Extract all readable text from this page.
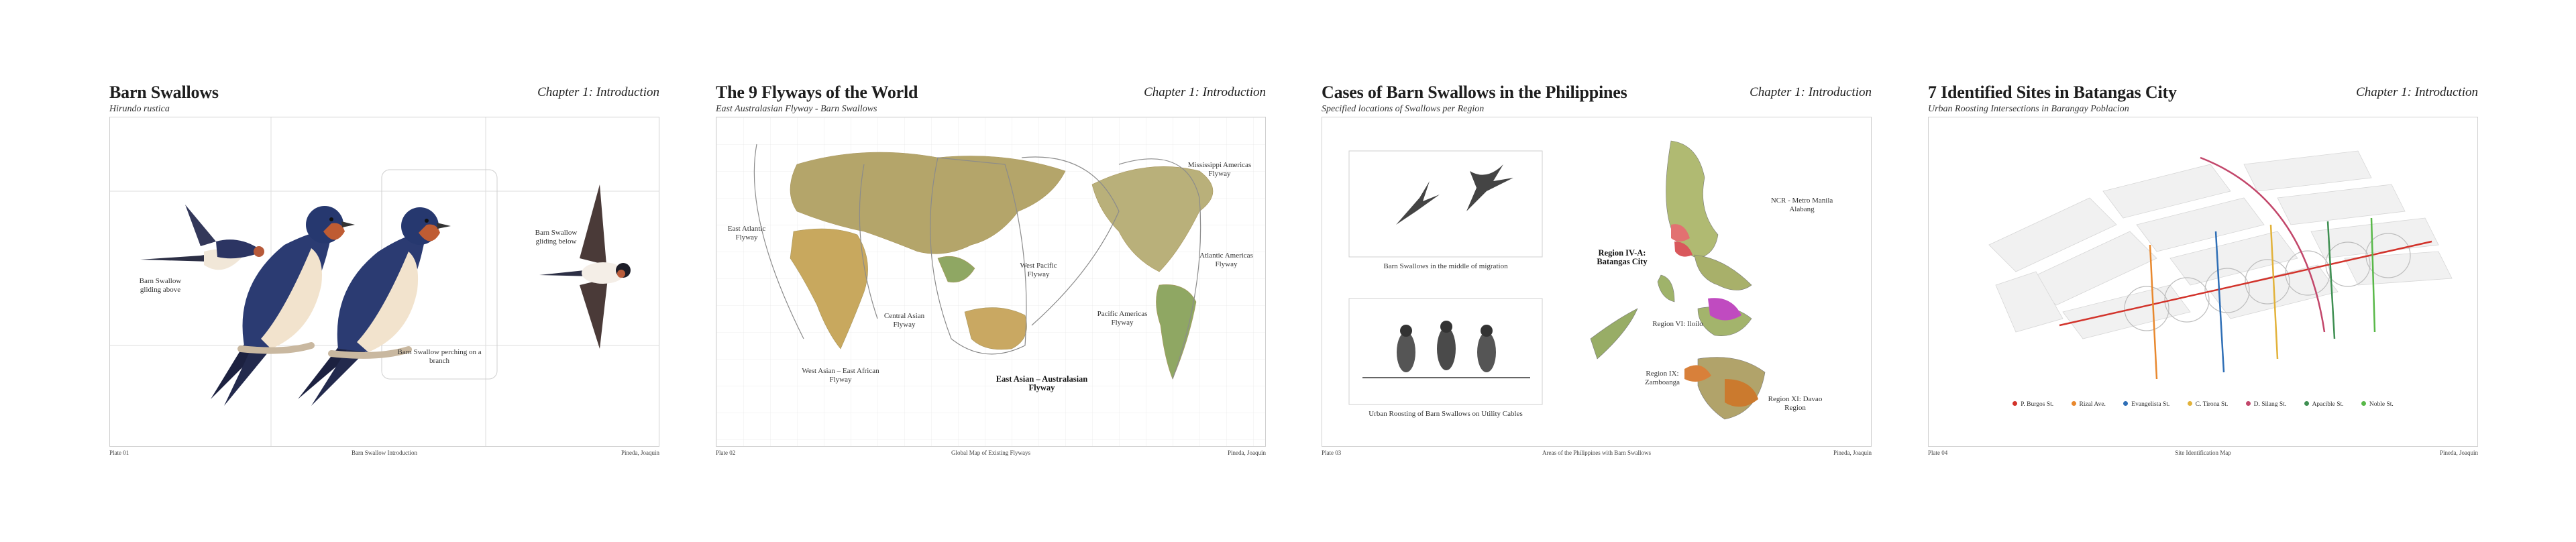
Barn Swallows
Hirundo rustica
Chapter 1: Introduction
Barn Swallow gliding above
Barn Swallow gliding below
Barn Swallow perching on a branch
Plate 01	Barn Swallow Introduction	Pineda, Joaquin
The 9 Flyways of the World
East Australasian Flyway - Barn Swallows
Chapter 1: Introduction
East Atlantic Flyway
Central Asian Flyway
West Asian – East African Flyway	East Asian – Australasian Flyway
West Pacific Flyway
Pacific Americas Flyway
Mississippi Americas Flyway
Atlantic Americas Flyway
Plate 02	Global Map of Existing Flyways	Pineda, Joaquin
Cases of Barn Swallows in the Philippines
Specified locations of Swallows per Region
Chapter 1: Introduction
Barn Swallows in the middle of migration
Urban Roosting of Barn Swallows on Utility Cables
NCR - Metro Manila Alabang
Region IV-A: Batangas City
Region VI: Iloilo
Region IX: Zamboanga
Region XI: Davao Region
Plate 03	Areas of the Philippines with Barn Swallows	Pineda, Joaquin
7 Identified Sites in Batangas City
Urban Roosting Intersections in Barangay Poblacion
Chapter 1: Introduction
P. Burgos St.	Rizal Ave.	Evangelista St.	C. Tirona St.	D. Silang St.	Apacible St.	Noble St.
Plate 04	Site Identification Map	Pineda, Joaquin
